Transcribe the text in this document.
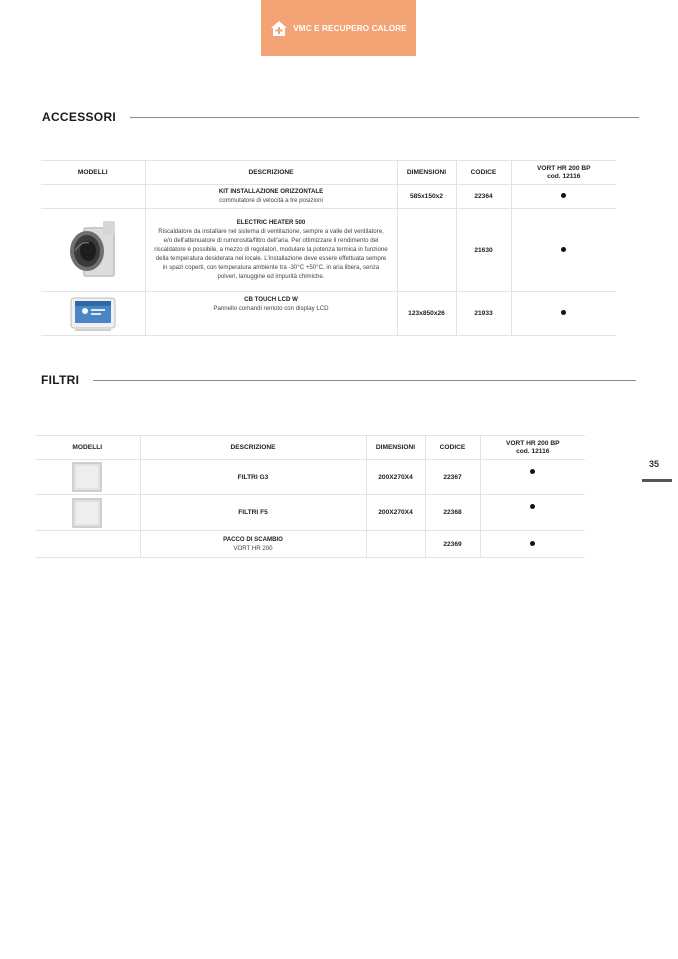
VMC E RECUPERO CALORE
ACCESSORI
MODELLI	DESCRIZIONE	DIMENSIONI	CODICE	VORT HR 200 BP
cod. 12116

	KIT INSTALLAZIONE ORIZZONTALE
commutatore di velocità a tre posizioni	585x150x2	22364	

ELECTRIC HEATER 500
Riscaldatore da installare nel sistema di ventilazione, sempre a valle del ventilatore, e/o dell'attenuatore di rumorosità/filtro dell'aria. Per ottimizzare il rendimento del riscaldatore è possibile, a mezzo di regolatori, modulare la potenza termica in funzione della temperatura desiderata nel locale. L'installazione deve essere effettuata sempre in spazi coperti, con temperatura ambiente tra -30°C +50°C, in aria libera, senza polveri, lanuggine ed impurità chimiche.		21630	

CB TOUCH LCD W
Pannello comandi remoto con display LCD	123x850x26	21933	
FILTRI
MODELLI	DESCRIZIONE	DIMENSIONI	CODICE	VORT HR 200 BP
cod. 12116

	FILTRI G3	200X270X4	22367	

	FILTRI F5	200X270X4	22368	

	PACCO DI SCAMBIO
VORT HR 200		22369	
35
